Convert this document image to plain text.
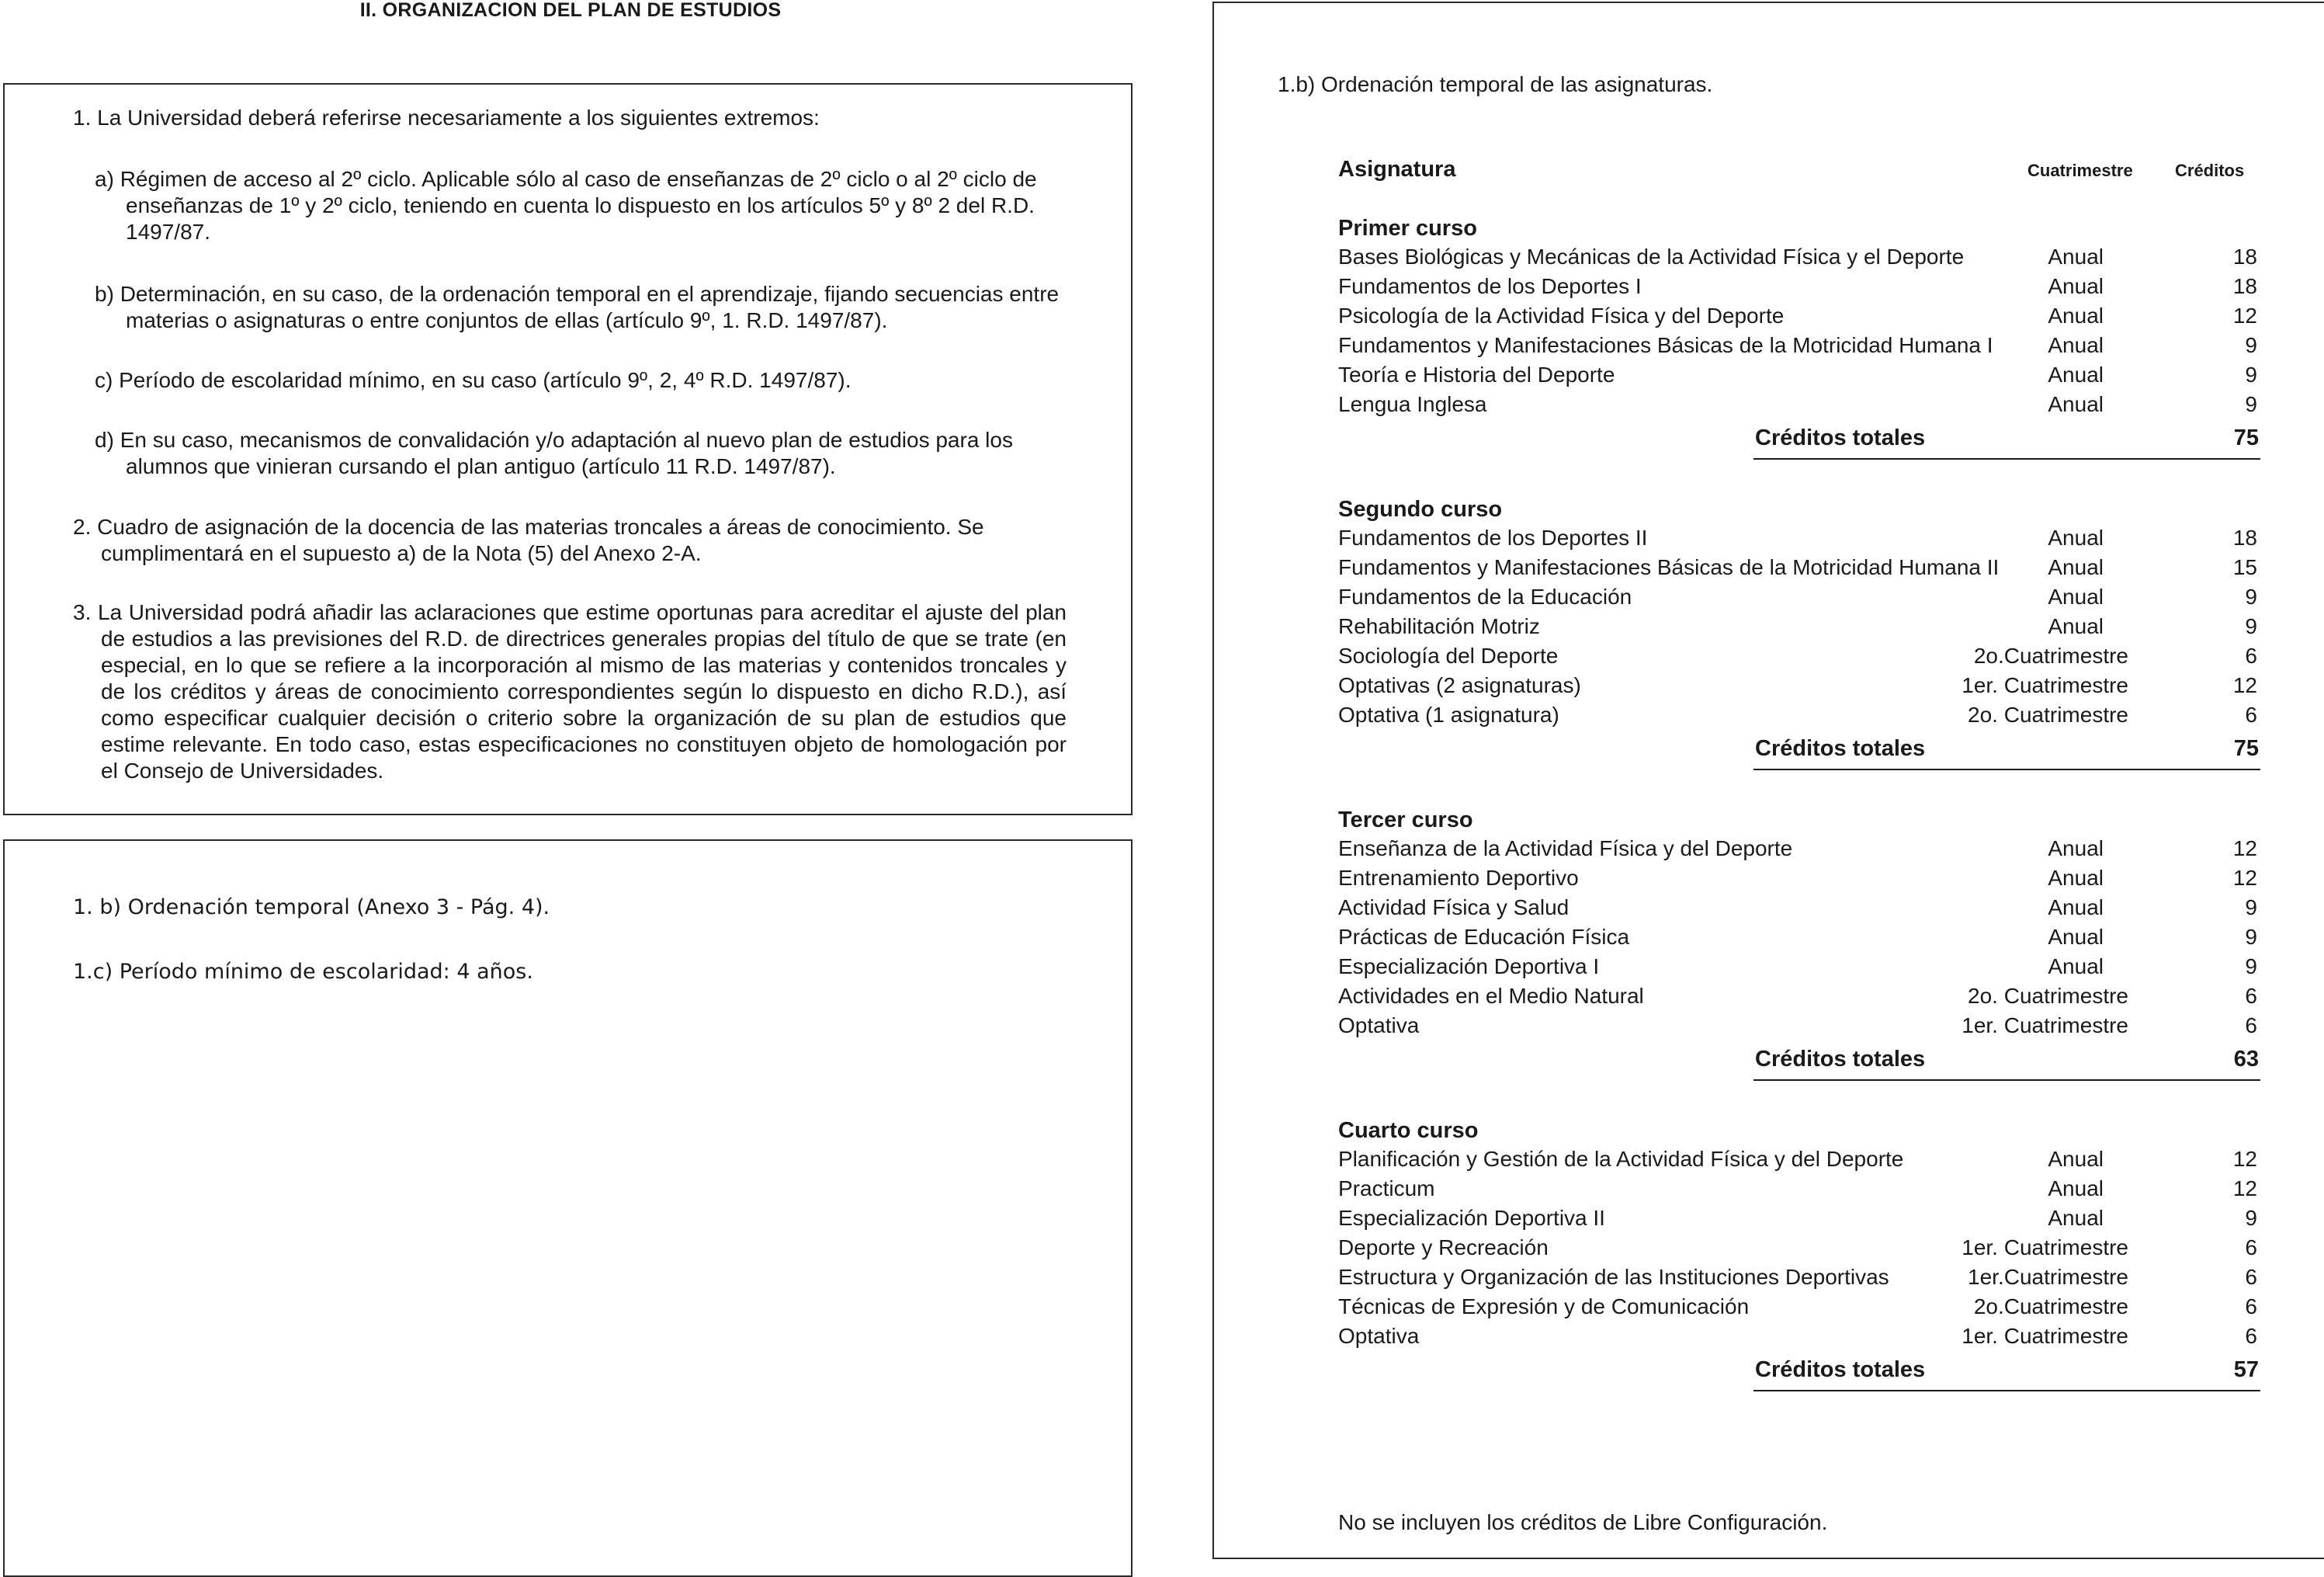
II. ORGANIZACION DEL PLAN DE ESTUDIOS
1. La Universidad deberá referirse necesariamente a los siguientes extremos:
a) Régimen de acceso al 2º ciclo. Aplicable sólo al caso de enseñanzas de 2º ciclo o al 2º ciclo de enseñanzas de 1º y 2º ciclo, teniendo en cuenta lo dispuesto en los artículos 5º y 8º 2 del R.D. 1497/87.
b) Determinación, en su caso, de la ordenación temporal en el aprendizaje, fijando secuencias entre materias o asignaturas o entre conjuntos de ellas (artículo 9º, 1. R.D. 1497/87).
c) Período de escolaridad mínimo, en su caso (artículo 9º, 2, 4º R.D. 1497/87).
d) En su caso, mecanismos de convalidación y/o adaptación al nuevo plan de estudios para los alumnos que vinieran cursando el plan antiguo (artículo 11 R.D. 1497/87).
2. Cuadro de asignación de la docencia de las materias troncales a áreas de conocimiento. Se cumplimentará en el supuesto a) de la Nota (5) del Anexo 2-A.
3. La Universidad podrá añadir las aclaraciones que estime oportunas para acreditar el ajuste del plan de estudios a las previsiones del R.D. de directrices generales propias del título de que se trate (en especial, en lo que se refiere a la incorporación al mismo de las materias y contenidos troncales y de los créditos y áreas de conocimiento correspondientes según lo dispuesto en dicho R.D.), así como especificar cualquier decisión o criterio sobre la organización de su plan de estudios que estime relevante. En todo caso, estas especificaciones no constituyen objeto de homologación por el Consejo de Universidades.
1. b) Ordenación temporal (Anexo 3 - Pág. 4).
1.c) Período mínimo de escolaridad: 4 años.
1.b) Ordenación temporal de las asignaturas.
Asignatura	Cuatrimestre Créditos
Primer curso
Bases Biológicas y Mecánicas de la Actividad Física y el Deporte	Anual	18
Fundamentos de los Deportes I	Anual	18
Psicología de la Actividad Física y del Deporte	Anual	12
Fundamentos y Manifestaciones Básicas de la Motricidad Humana I	Anual	9
Teoría e Historia del Deporte	Anual	9
Lengua Inglesa	Anual	9
Créditos totales	75
Segundo curso
Fundamentos de los Deportes II	Anual	18
Fundamentos y Manifestaciones Básicas de la Motricidad Humana II Anual	15
Fundamentos de la Educación	Anual	9
Rehabilitación Motriz	Anual	9
Sociología del Deporte	2o.Cuatrimestre	6
Optativas (2 asignaturas)	1er. Cuatrimestre	12
Optativa (1 asignatura)	2o. Cuatrimestre	6
Créditos totales	75
Tercer curso
Enseñanza de la Actividad Física y del Deporte	Anual	12
Entrenamiento Deportivo	Anual	12
Actividad Física y Salud	Anual	9
Prácticas de Educación Física	Anual	9
Especialización Deportiva I	Anual	9
Actividades en el Medio Natural	2o. Cuatrimestre	6
Optativa	1er. Cuatrimestre	6
Créditos totales	63
Cuarto curso
Planificación y Gestión de la Actividad Física y del Deporte	Anual	12
Practicum	Anual	12
Especialización Deportiva II	Anual	9
Deporte y Recreación	1er. Cuatrimestre	6
Estructura y Organización de las Instituciones Deportivas	1er.Cuatrimestre	6
Técnicas de Expresión y de Comunicación	2o.Cuatrimestre	6
Optativa	1er. Cuatrimestre	6
Créditos totales	57
No se incluyen los créditos de Libre Configuración.
